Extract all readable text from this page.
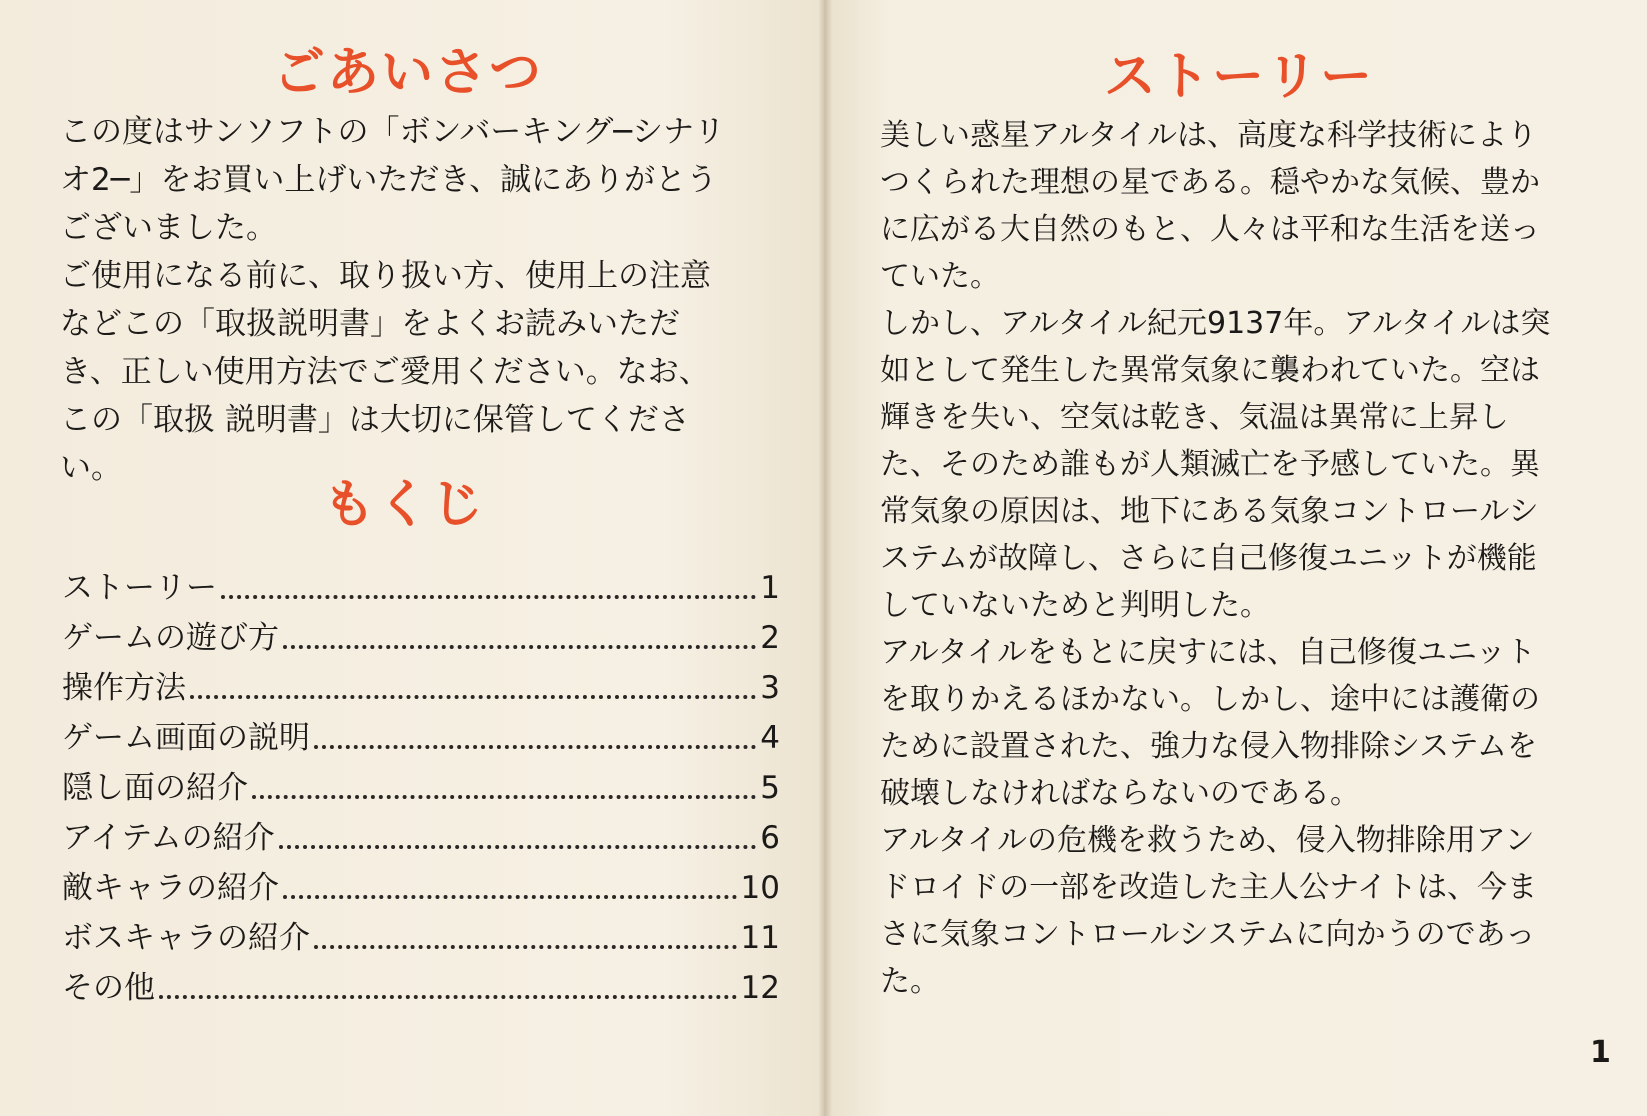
ごあいさつ

この度はサンソフトの「ボンバーキング─シナリオ2─」をお買い上げいただき、誠にありがとうございました。

ご使用になる前に、取り扱い方、使用上の注意などこの「取扱説明書」をよくお読みいただき、正しい使用方法でご愛用ください。なお、この「取扱 説明書」は大切に保管してください。

もくじ
ストーリー	1
ゲームの遊び方	2
操作方法	3
ゲーム画面の説明	4
隠し面の紹介	5
アイテムの紹介	6
敵キャラの紹介	10
ボスキャラの紹介	11
その他	12
ストーリー

美しい惑星アルタイルは、高度な科学技術によりつくられた理想の星である。穏やかな気候、豊かに広がる大自然のもと、人々は平和な生活を送っていた。

しかし、アルタイル紀元9137年。アルタイルは突如として発生した異常気象に襲われていた。空は輝きを失い、空気は乾き、気温は異常に上昇した、そのため誰もが人類滅亡を予感していた。異常気象の原因は、地下にある気象コントロールシステムが故障し、さらに自己修復ユニットが機能していないためと判明した。

アルタイルをもとに戻すには、自己修復ユニットを取りかえるほかない。しかし、途中には護衛のために設置された、強力な侵入物排除システムを破壊しなければならないのである。

アルタイルの危機を救うため、侵入物排除用アンドロイドの一部を改造した主人公ナイトは、今まさに気象コントロールシステムに向かうのであった。

1
